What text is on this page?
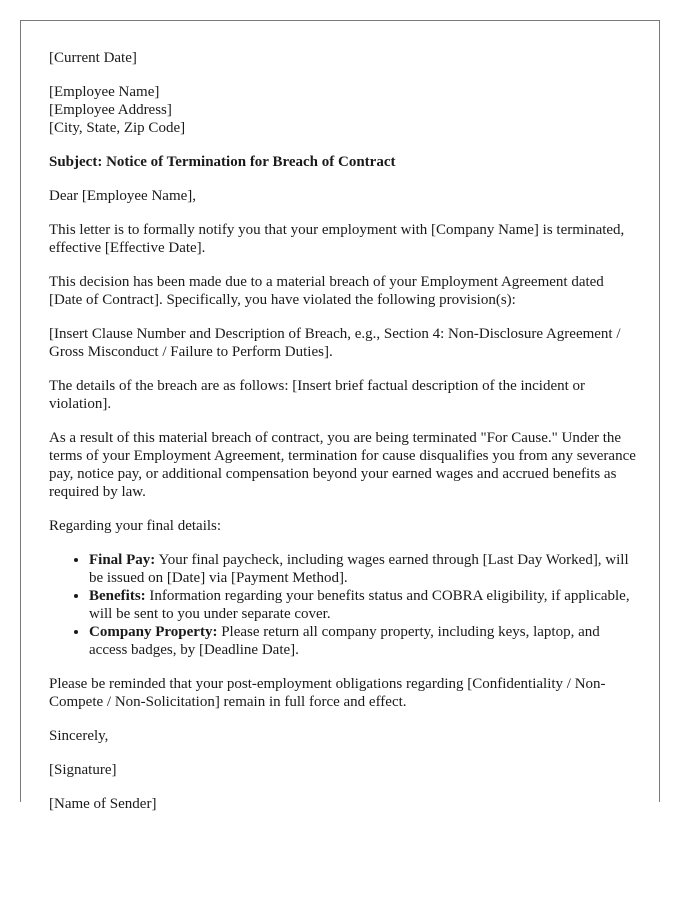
[Current Date]

[Employee Name]

[Employee Address]

[City, State, Zip Code]

Subject: Notice of Termination for Breach of Contract

Dear [Employee Name],

This letter is to formally notify you that your employment with [Company Name] is terminated, effective [Effective Date].

This decision has been made due to a material breach of your Employment Agreement dated [Date of Contract]. Specifically, you have violated the following provision(s):

[Insert Clause Number and Description of Breach, e.g., Section 4: Non-Disclosure Agreement / Gross Misconduct / Failure to Perform Duties].

The details of the breach are as follows: [Insert brief factual description of the incident or violation].

As a result of this material breach of contract, you are being terminated "For Cause." Under the terms of your Employment Agreement, termination for cause disqualifies you from any severance pay, notice pay, or additional compensation beyond your earned wages and accrued benefits as required by law.

Regarding your final details:

• Final Pay: Your final paycheck, including wages earned through [Last Day Worked], will be issued on [Date] via [Payment Method].
• Benefits: Information regarding your benefits status and COBRA eligibility, if applicable, will be sent to you under separate cover.
• Company Property: Please return all company property, including keys, laptop, and access badges, by [Deadline Date].

Please be reminded that your post-employment obligations regarding [Confidentiality / Non-Compete / Non-Solicitation] remain in full force and effect.

Sincerely,

[Signature]

[Name of Sender]
